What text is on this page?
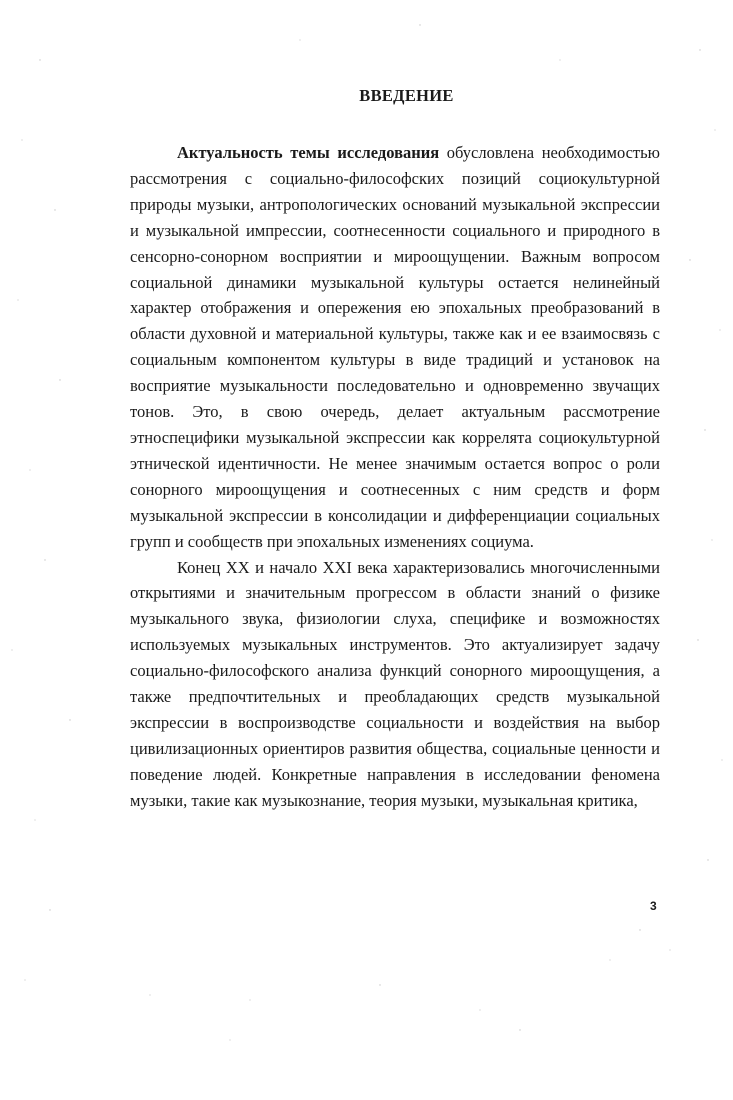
ВВЕДЕНИЕ

Актуальность темы исследования обусловлена необходимостью рассмотрения с социально-философских позиций социокультурной природы музыки, антропологических оснований музыкальной экспрессии и музыкальной импрессии, соотнесенности социального и природного в сенсорно-сонорном восприятии и мироощущении. Важным вопросом социальной динамики музыкальной культуры остается нелинейный характер отображения и опережения ею эпохальных преобразований в области духовной и материальной культуры, также как и ее взаимосвязь с социальным компонентом культуры в виде традиций и установок на восприятие музыкальности последовательно и одновременно звучащих тонов. Это, в свою очередь, делает актуальным рассмотрение этноспецифики музыкальной экспрессии как коррелята социокультурной этнической идентичности. Не менее значимым остается вопрос о роли сонорного мироощущения и соотнесенных с ним средств и форм музыкальной экспрессии в консолидации и дифференциации социальных групп и сообществ при эпохальных изменениях социума.

Конец XX и начало XXI века характеризовались многочисленными открытиями и значительным прогрессом в области знаний о физике музыкального звука, физиологии слуха, специфике и возможностях используемых музыкальных инструментов. Это актуализирует задачу социально-философского анализа функций сонорного мироощущения, а также предпочтительных и преобладающих средств музыкальной экспрессии в воспроизводстве социальности и воздействия на выбор цивилизационных ориентиров развития общества, социальные ценности и поведение людей. Конкретные направления в исследовании феномена музыки, такие как музыкознание, теория музыки, музыкальная критика,

3
